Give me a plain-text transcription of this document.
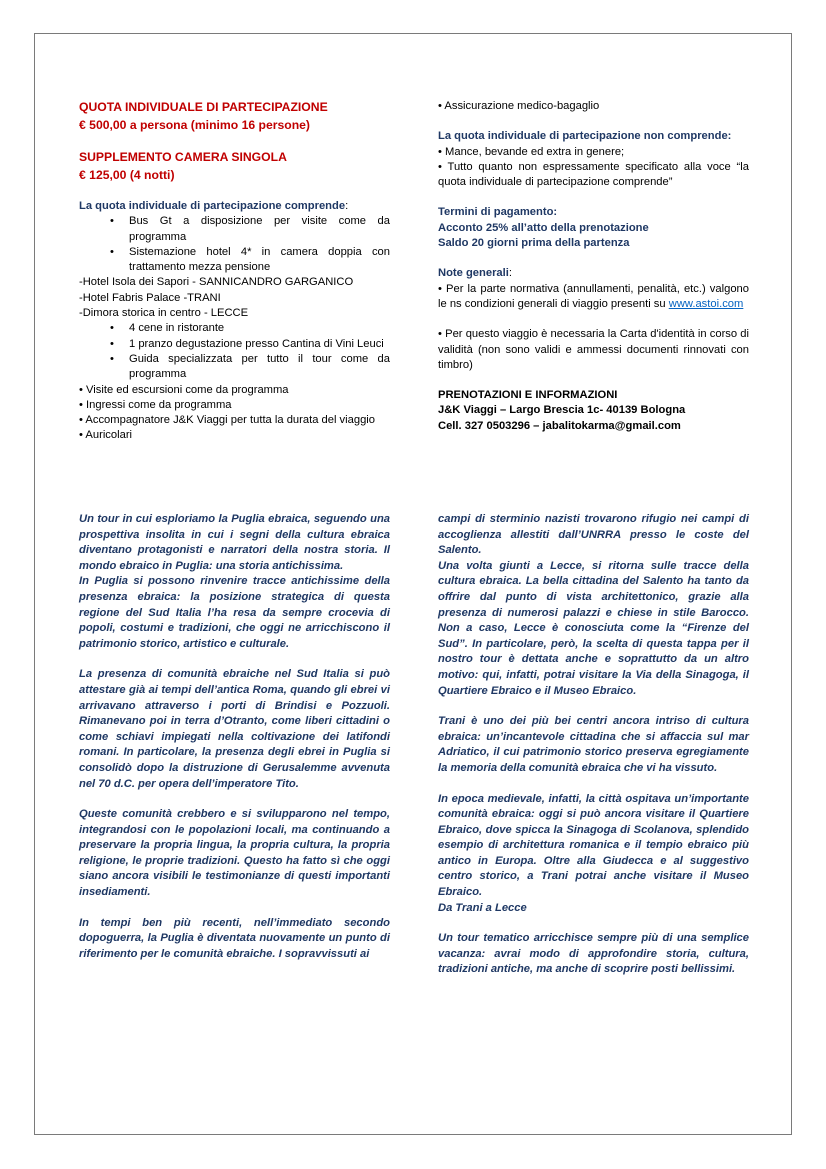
QUOTA INDIVIDUALE DI PARTECIPAZIONE

€ 500,00 a persona (minimo 16 persone)

SUPPLEMENTO CAMERA SINGOLA

€ 125,00 (4 notti)

La quota individuale di partecipazione comprende:

• Bus Gt a disposizione per visite come da programma
• Sistemazione hotel 4* in camera doppia con trattamento mezza pensione

-Hotel Isola dei Sapori - SANNICANDRO GARGANICO

-Hotel Fabris Palace -TRANI

-Dimora storica in centro - LECCE

• 4 cene in ristorante
• 1 pranzo degustazione presso Cantina di Vini Leuci
• Guida specializzata per tutto il tour come da programma

• Visite ed escursioni come da programma

• Ingressi come da programma

• Accompagnatore J&K Viaggi per tutta la durata del viaggio

• Auricolari

• Assicurazione medico-bagaglio

La quota individuale di partecipazione non comprende:

• Mance, bevande ed extra in genere;

• Tutto quanto non espressamente specificato alla voce “la quota individuale di partecipazione comprende”

Termini di pagamento:

Acconto 25% all’atto della prenotazione

Saldo 20 giorni prima della partenza

Note generali:

• Per la parte normativa (annullamenti, penalità, etc.) valgono le ns condizioni generali di viaggio presenti su www.astoi.com

• Per questo viaggio è necessaria la Carta d'identità in corso di validità (non sono validi e ammessi documenti rinnovati con timbro)

PRENOTAZIONI E INFORMAZIONI

J&K Viaggi – Largo Brescia 1c- 40139 Bologna

Cell. 327 0503296 – jabalitokarma@gmail.com

Un tour in cui esploriamo la Puglia ebraica, seguendo una prospettiva insolita in cui i segni della cultura ebraica diventano protagonisti e narratori della nostra storia. Il mondo ebraico in Puglia: una storia antichissima.

In Puglia si possono rinvenire tracce antichissime della presenza ebraica: la posizione strategica di questa regione del Sud Italia l’ha resa da sempre crocevia di popoli, costumi e tradizioni, che oggi ne arricchiscono il patrimonio storico, artistico e culturale.

La presenza di comunità ebraiche nel Sud Italia si può attestare già ai tempi dell’antica Roma, quando gli ebrei vi arrivavano attraverso i porti di Brindisi e Pozzuoli. Rimanevano poi in terra d’Otranto, come liberi cittadini o come schiavi impiegati nella coltivazione dei latifondi romani. In particolare, la presenza degli ebrei in Puglia si consolidò dopo la distruzione di Gerusalemme avvenuta nel 70 d.C. per opera dell’imperatore Tito.

Queste comunità crebbero e si svilupparono nel tempo, integrandosi con le popolazioni locali, ma continuando a preservare la propria lingua, la propria cultura, la propria religione, le proprie tradizioni. Questo ha fatto sì che oggi siano ancora visibili le testimonianze di questi importanti insediamenti.

In tempi ben più recenti, nell’immediato secondo dopoguerra, la Puglia è diventata nuovamente un punto di riferimento per le comunità ebraiche. I sopravvissuti ai

campi di sterminio nazisti trovarono rifugio nei campi di accoglienza allestiti dall’UNRRA presso le coste del Salento.

Una volta giunti a Lecce, si ritorna sulle tracce della cultura ebraica. La bella cittadina del Salento ha tanto da offrire dal punto di vista architettonico, grazie alla presenza di numerosi palazzi e chiese in stile Barocco. Non a caso, Lecce è conosciuta come la “Firenze del Sud”. In particolare, però, la scelta di questa tappa per il nostro tour è dettata anche e soprattutto da un altro motivo: qui, infatti, potrai visitare la Via della Sinagoga, il Quartiere Ebraico e il Museo Ebraico.

Trani è uno dei più bei centri ancora intriso di cultura ebraica: un’incantevole cittadina che si affaccia sul mar Adriatico, il cui patrimonio storico preserva egregiamente la memoria della comunità ebraica che vi ha vissuto.

In epoca medievale, infatti, la città ospitava un’importante comunità ebraica: oggi si può ancora visitare il Quartiere Ebraico, dove spicca la Sinagoga di Scolanova, splendido esempio di architettura romanica e il tempio ebraico più antico in Europa. Oltre alla Giudecca e al suggestivo centro storico, a Trani potrai anche visitare il Museo Ebraico.

Da Trani a Lecce

Un tour tematico arricchisce sempre più di una semplice vacanza: avrai modo di approfondire storia, cultura, tradizioni antiche, ma anche di scoprire posti bellissimi.
